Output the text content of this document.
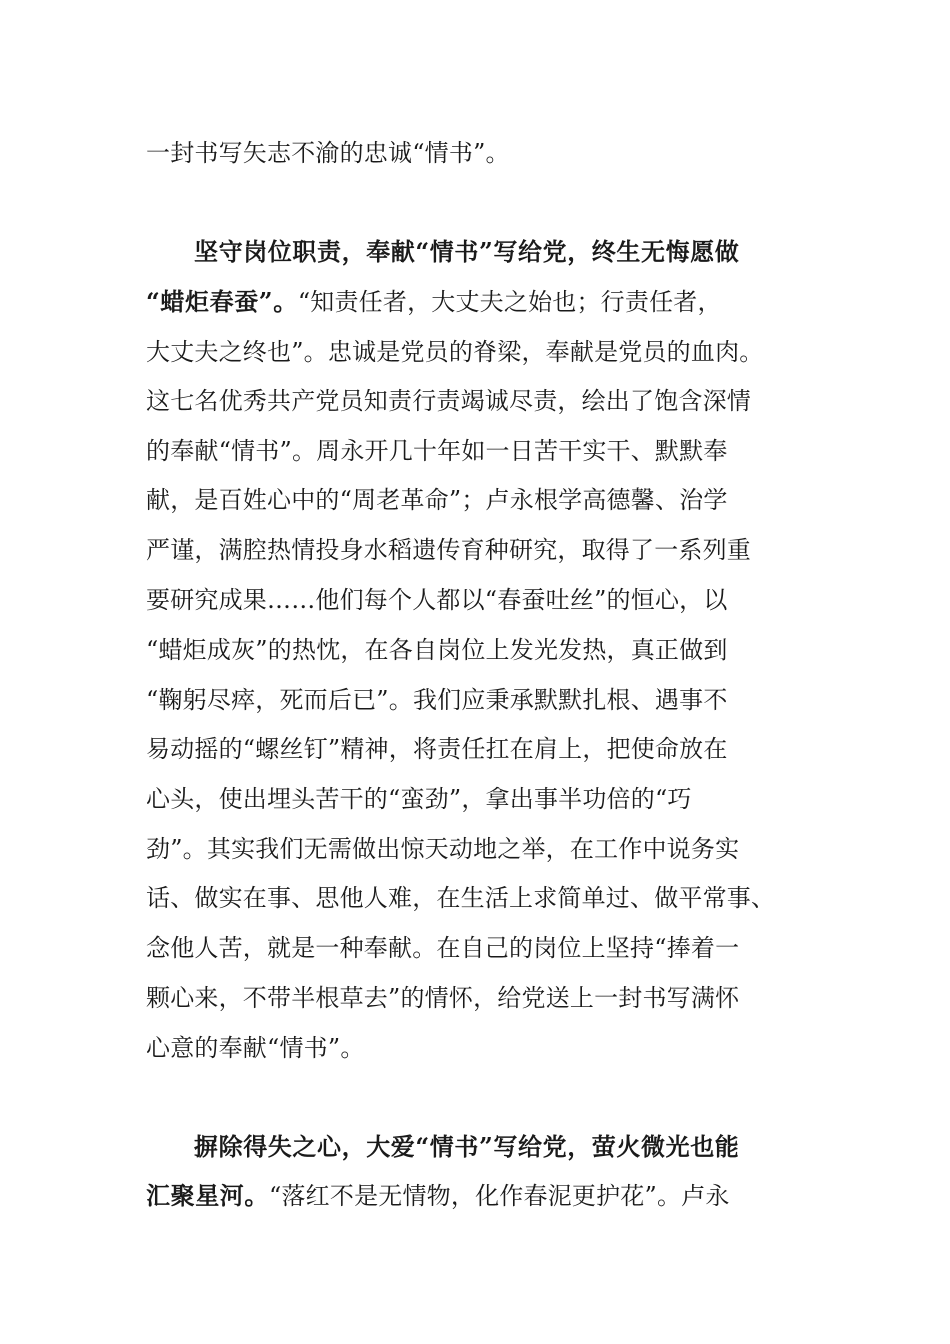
一封书写矢志不渝的忠诚“情书”。
坚守岗位职责，奉献“情书”写给党，终生无悔愿做
“蜡炬春蚕”。“知责任者，大丈夫之始也；行责任者，
大丈夫之终也”。忠诚是党员的脊梁，奉献是党员的血肉。
这七名优秀共产党员知责行责竭诚尽责，绘出了饱含深情
的奉献“情书”。周永开几十年如一日苦干实干、默默奉
献，是百姓心中的“周老革命”；卢永根学高德馨、治学
严谨，满腔热情投身水稻遗传育种研究，取得了一系列重
要研究成果……他们每个人都以“春蚕吐丝”的恒心，以
“蜡炬成灰”的热忱，在各自岗位上发光发热，真正做到
“鞠躬尽瘁，死而后已”。我们应秉承默默扎根、遇事不
易动摇的“螺丝钉”精神，将责任扛在肩上，把使命放在
心头，使出埋头苦干的“蛮劲”，拿出事半功倍的“巧
劲”。其实我们无需做出惊天动地之举，在工作中说务实
话、做实在事、思他人难，在生活上求简单过、做平常事、
念他人苦，就是一种奉献。在自己的岗位上坚持“捧着一
颗心来，不带半根草去”的情怀，给党送上一封书写满怀
心意的奉献“情书”。
摒除得失之心，大爱“情书”写给党，萤火微光也能
汇聚星河。“落红不是无情物，化作春泥更护花”。卢永
